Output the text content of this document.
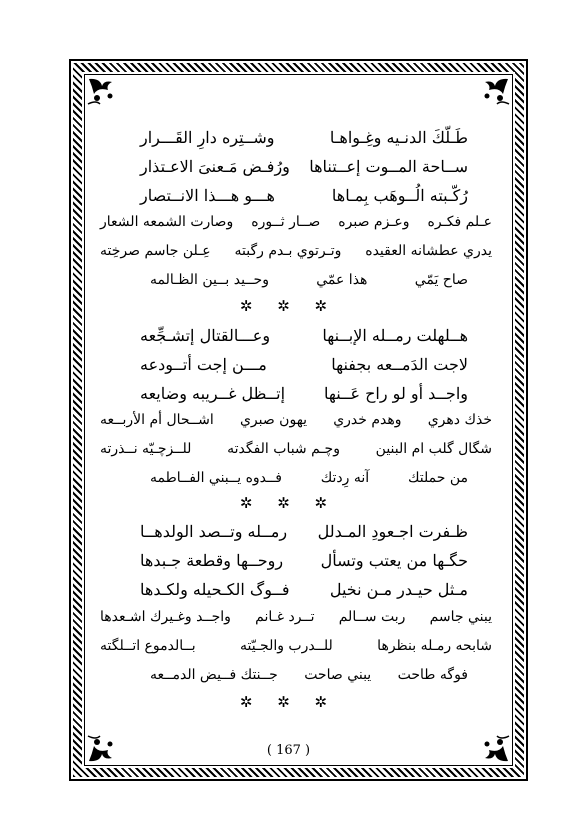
طَـلّكَ الدنـيه وغِـواهـا
وشــتِره دارِ القَـــرار
ســاحة المــوت إعــتناها
ورُفـض مَـعنىَ الاعـتذار
رُكّـبته الُــوهَب بِمـاها
هـــو هـــذا الانــتصار
عـلم فكـره
وعـزم صبره
صــار ثــوره
وصارت الشمعه الشعار
يدري عطشانه العقيده
وتـرتوي بـدم رگبته
عِـلن جاسم صرخِته
صاح يَمّي
هذا عمّي
وحــيد بــين الظـالمه
✲ ✲ ✲
هــلهلت رمــله الإبــنها
وعـــالقتال إتشـجِّعه
لاجت الدَمــعه بجفنها
مـــن إجت أتــودعه
واجــد أو لو راح عَــنها
إتــظل غــريبه وضايعه
خذك دهري
وهدم خدري
يهون صبري
اشــحال أم الأربــعه
شگال گلب ام البنين
وچـم شباب الفگدته
للــزچـيّه نــذرته
من حملتك
آنه رِدتك
فــدوه يــبني الفــاطمه
✲ ✲ ✲
ظـفرت اجـعودِ المـدلل
رمــله وتــصد الولدهــا
حگـها من يعتب وتسأل
روحــها وقطعة جـبدها
مـثل حيـدر مـن نخيل
فــوگ الكـحيله ولكـدها
يبني جاسم
ربت ســالم
تــرد غـانم
واجــد وغـيرك اشـعدها
شابحه رمـله بنظرها
للــدرب والجـيّته
بــالدموع اتــلگته
فوگه طاحت
يبني صاحت
جــنتك فــيض الدمــعه
✲ ✲ ✲
( 167 )
